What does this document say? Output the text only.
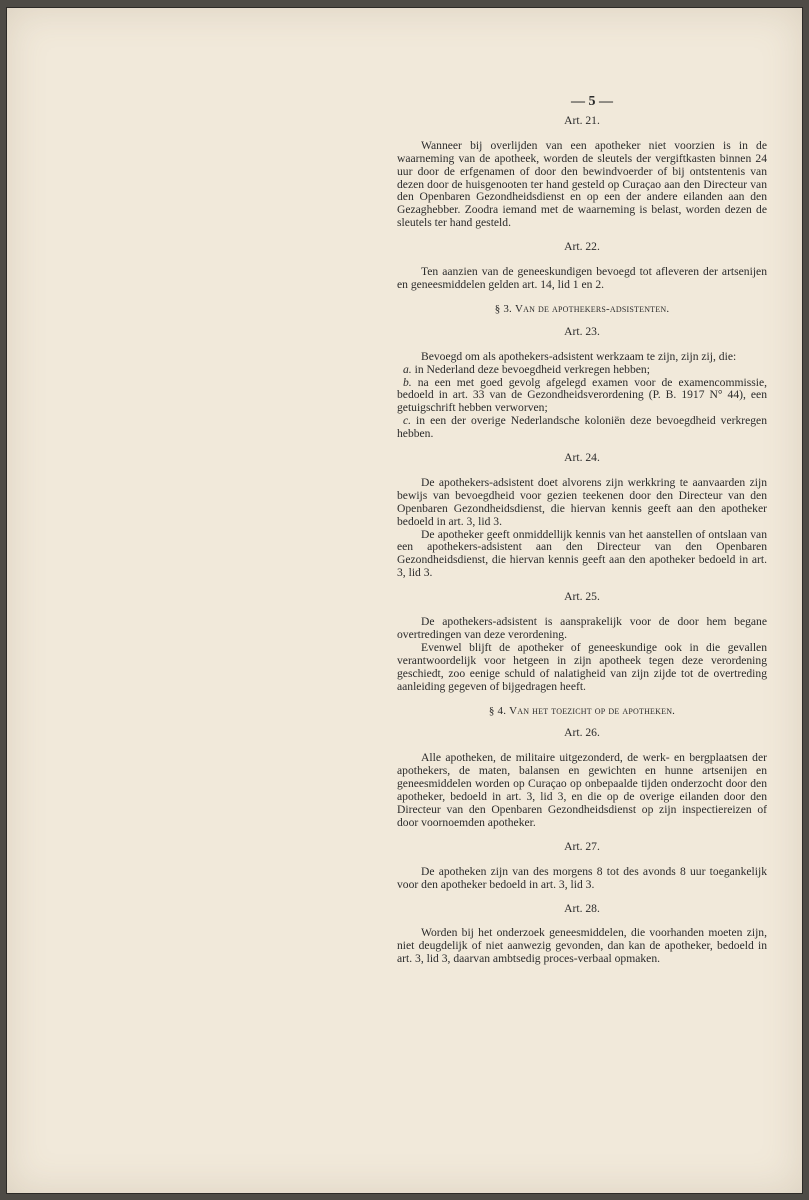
— 5 —
Art. 21.

Wanneer bij overlijden van een apotheker niet voorzien is in de waarneming van de apotheek, worden de sleutels der vergiftkasten binnen 24 uur door de erfgenamen of door den bewindvoerder of bij ontstentenis van dezen door de huisgenooten ter hand gesteld op Curaçao aan den Directeur van den Openbaren Gezondheidsdienst en op een der andere eilanden aan den Gezaghebber. Zoodra iemand met de waarneming is belast, worden dezen de sleutels ter hand gesteld.

Art. 22.

Ten aanzien van de geneeskundigen bevoegd tot afleveren der artsenijen en geneesmiddelen gelden art. 14, lid 1 en 2.

§ 3. Van de apothekers-adsistenten.
Art. 23.

Bevoegd om als apothekers-adsistent werkzaam te zijn, zijn zij, die:

a. in Nederland deze bevoegdheid verkregen hebben;

b. na een met goed gevolg afgelegd examen voor de examencommissie, bedoeld in art. 33 van de Gezondheidsverordening (P. B. 1917 N° 44), een getuigschrift hebben verworven;

c. in een der overige Nederlandsche koloniën deze bevoegdheid verkregen hebben.

Art. 24.

De apothekers-adsistent doet alvorens zijn werkkring te aanvaarden zijn bewijs van bevoegdheid voor gezien teekenen door den Directeur van den Openbaren Gezondheidsdienst, die hiervan kennis geeft aan den apotheker bedoeld in art. 3, lid 3.

De apotheker geeft onmiddellijk kennis van het aanstellen of ontslaan van een apothekers-adsistent aan den Directeur van den Openbaren Gezondheidsdienst, die hiervan kennis geeft aan den apotheker bedoeld in art. 3, lid 3.

Art. 25.

De apothekers-adsistent is aansprakelijk voor de door hem begane overtredingen van deze verordening.

Evenwel blijft de apotheker of geneeskundige ook in die gevallen verantwoordelijk voor hetgeen in zijn apotheek tegen deze verordening geschiedt, zoo eenige schuld of nalatigheid van zijn zijde tot de overtreding aanleiding gegeven of bijgedragen heeft.

§ 4. Van het toezicht op de apotheken.
Art. 26.

Alle apotheken, de militaire uitgezonderd, de werk- en bergplaatsen der apothekers, de maten, balansen en gewichten en hunne artsenijen en geneesmiddelen worden op Curaçao op onbepaalde tijden onderzocht door den apotheker, bedoeld in art. 3, lid 3, en die op de overige eilanden door den Directeur van den Openbaren Gezondheidsdienst op zijn inspectiereizen of door voornoemden apotheker.

Art. 27.

De apotheken zijn van des morgens 8 tot des avonds 8 uur toegankelijk voor den apotheker bedoeld in art. 3, lid 3.

Art. 28.

Worden bij het onderzoek geneesmiddelen, die voorhanden moeten zijn, niet deugdelijk of niet aanwezig gevonden, dan kan de apotheker, bedoeld in art. 3, lid 3, daarvan ambtsedig proces-verbaal opmaken.
